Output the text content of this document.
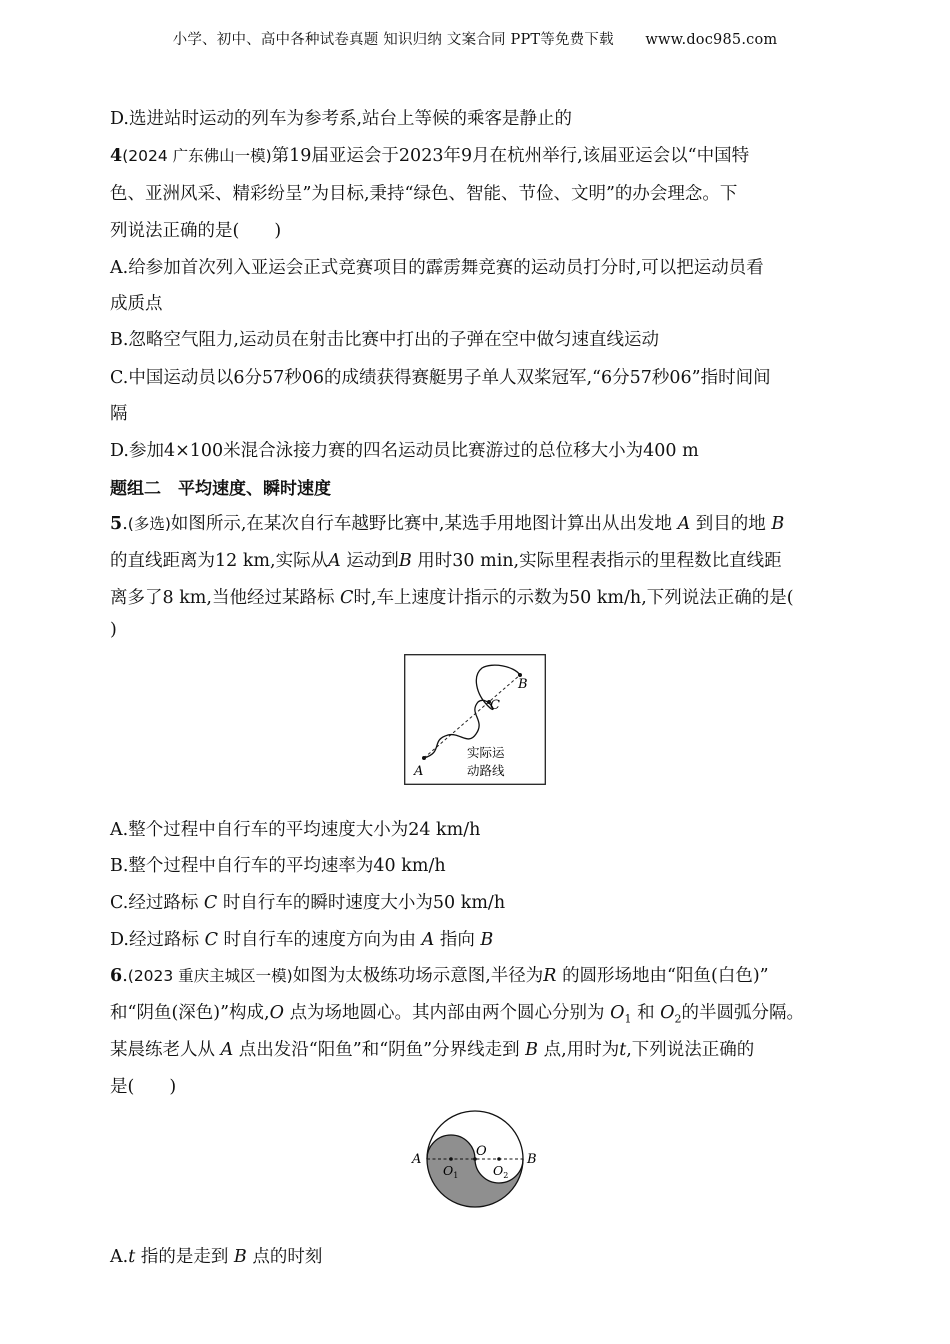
小学、初中、高中各种试卷真题 知识归纳 文案合同 PPT等免费下载 www.doc985.com
D.选进站时运动的列车为参考系,站台上等候的乘客是静止的
4(2024 广东佛山一模)第19届亚运会于2023年9月在杭州举行,该届亚运会以“中国特
色、亚洲风采、精彩纷呈”为目标,秉持“绿色、智能、节俭、文明”的办会理念。下
列说法正确的是(　　)
A.给参加首次列入亚运会正式竞赛项目的霹雳舞竞赛的运动员打分时,可以把运动员看
成质点
B.忽略空气阻力,运动员在射击比赛中打出的子弹在空中做匀速直线运动
C.中国运动员以6分57秒06的成绩获得赛艇男子单人双桨冠军,“6分57秒06”指时间间
隔
D.参加4×100米混合泳接力赛的四名运动员比赛游过的总位移大小为400 m
题组二　平均速度、瞬时速度
5.(多选)如图所示,在某次自行车越野比赛中,某选手用地图计算出从出发地 A 到目的地 B
的直线距离为12 km,实际从A 运动到B 用时30 min,实际里程表指示的里程数比直线距
离多了8 km,当他经过某路标 C时,车上速度计指示的示数为50 km/h,下列说法正确的是(
)
A
C
B
实际运
动路线
A.整个过程中自行车的平均速度大小为24 km/h
B.整个过程中自行车的平均速率为40 km/h
C.经过路标 C 时自行车的瞬时速度大小为50 km/h
D.经过路标 C 时自行车的速度方向为由 A 指向 B
6.(2023 重庆主城区一模)如图为太极练功场示意图,半径为R 的圆形场地由“阳鱼(白色)”
和“阴鱼(深色)”构成,O 点为场地圆心。其内部由两个圆心分别为 $O_1$ 和 $O_2$的半圆弧分隔。
某晨练老人从 A 点出发沿“阳鱼”和“阴鱼”分界线走到 B 点,用时为t,下列说法正确的
是(　　)
A	B
O
$O_1$	$O_2$
A.t 指的是走到 B 点的时刻
